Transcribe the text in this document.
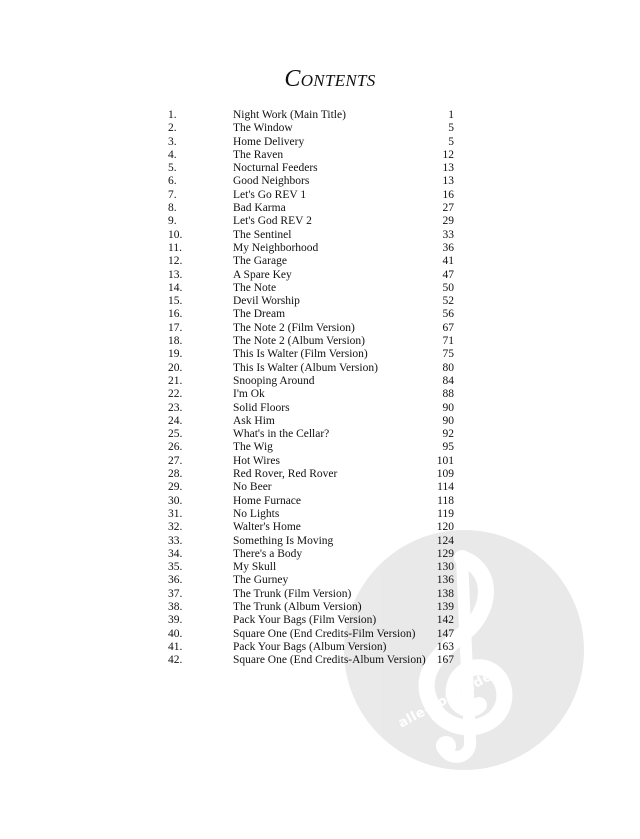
alle-noten.de
Contents
1.	Night Work (Main Title)	1
2.	The Window	5
3.	Home Delivery	5
4.	The Raven	12
5.	Nocturnal Feeders	13
6.	Good Neighbors	13
7.	Let's Go REV 1	16
8.	Bad Karma	27
9.	Let's God REV 2	29
10.	The Sentinel	33
11.	My Neighborhood	36
12.	The Garage	41
13.	A Spare Key	47
14.	The Note	50
15.	Devil Worship	52
16.	The Dream	56
17.	The Note 2 (Film Version)	67
18.	The Note 2 (Album Version)	71
19.	This Is Walter (Film Version)	75
20.	This Is Walter (Album Version)	80
21.	Snooping Around	84
22.	I'm Ok	88
23.	Solid Floors	90
24.	Ask Him	90
25.	What's in the Cellar?	92
26.	The Wig	95
27.	Hot Wires	101
28.	Red Rover, Red Rover	109
29.	No Beer	114
30.	Home Furnace	118
31.	No Lights	119
32.	Walter's Home	120
33.	Something Is Moving	124
34.	There's a Body	129
35.	My Skull	130
36.	The Gurney	136
37.	The Trunk (Film Version)	138
38.	The Trunk (Album Version)	139
39.	Pack Your Bags (Film Version)	142
40.	Square One (End Credits-Film Version) 147
41.	Pack Your Bags (Album Version)	163
42.	Square One (End Credits-Album Version) 167
